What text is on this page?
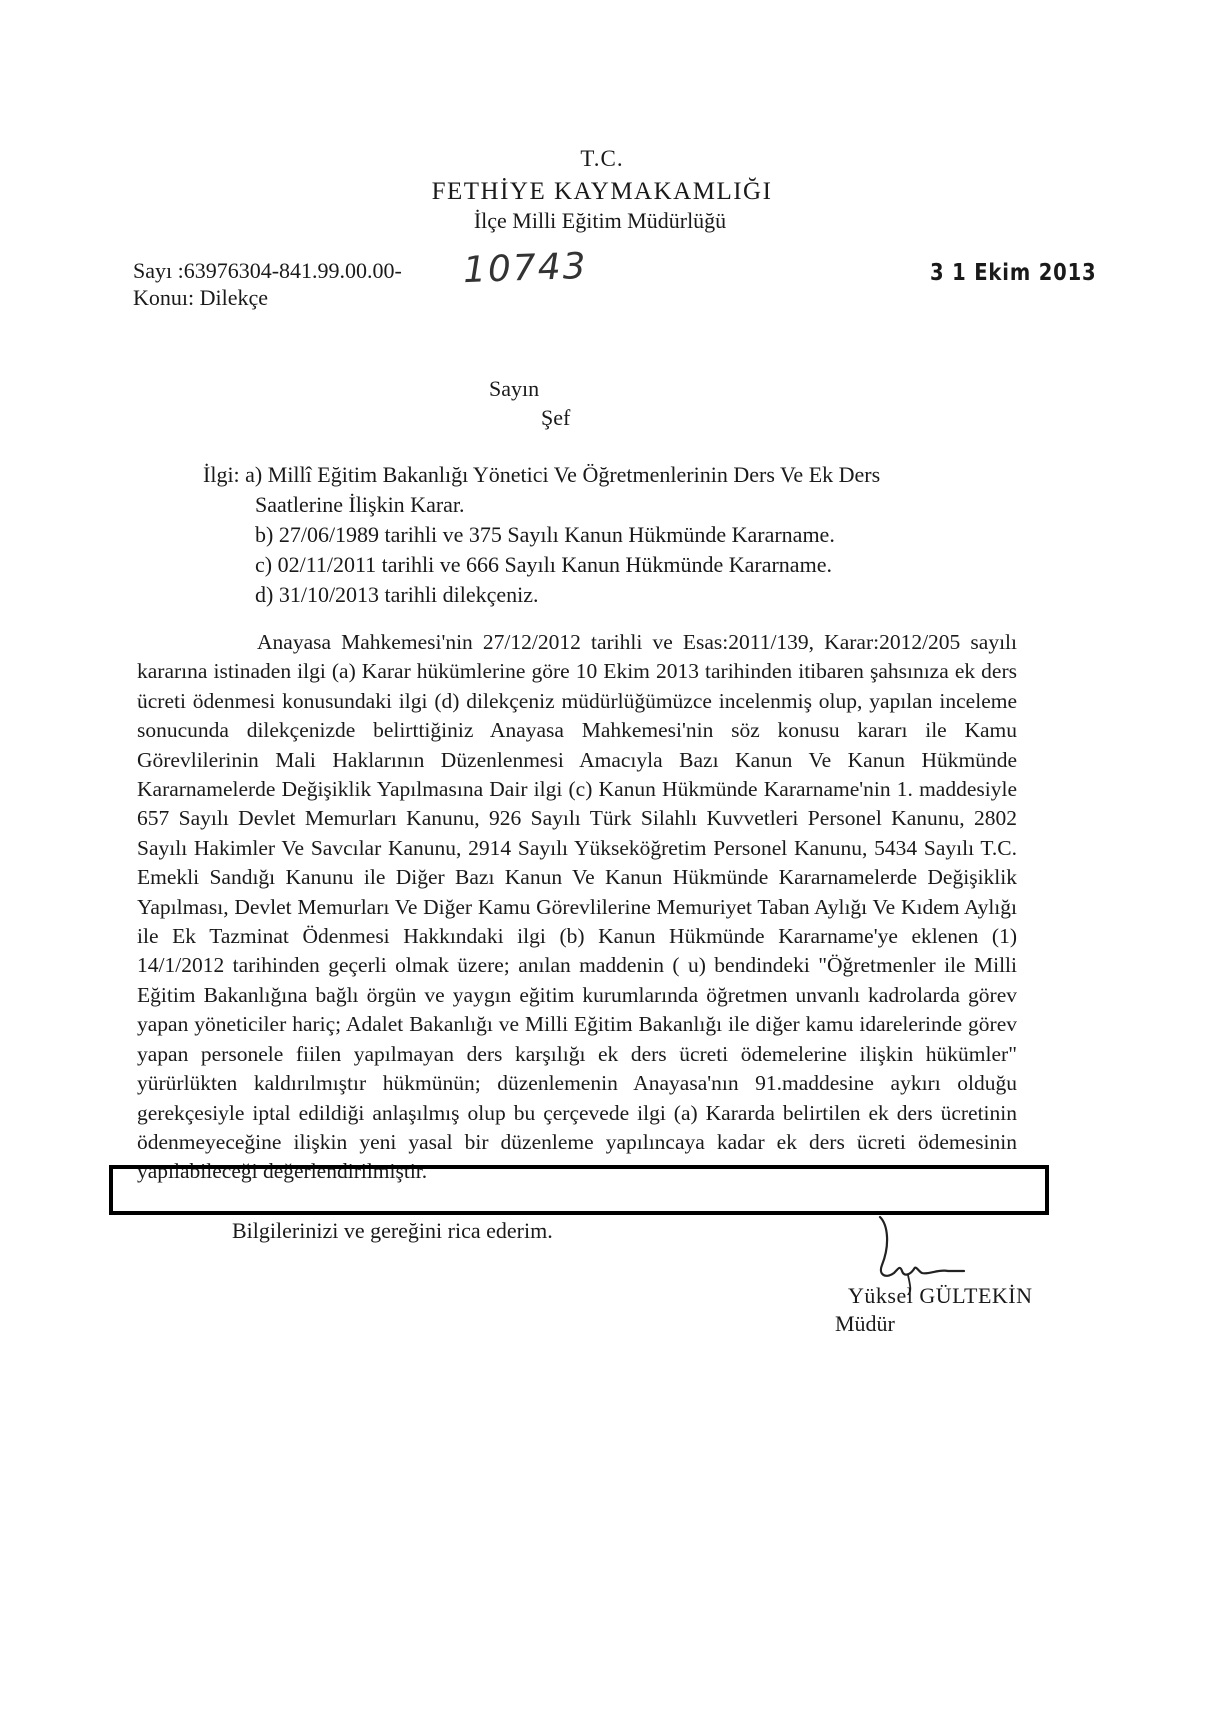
T.C.
FETHİYE KAYMAKAMLIĞI
İlçe Milli Eğitim Müdürlüğü
Sayı :63976304-841.99.00.00- 10743
Konuı: Dilekçe
3 1 Ekim 2013
Sayın
Şef
İlgi: a) Millî Eğitim Bakanlığı Yönetici Ve Öğretmenlerinin Ders Ve Ek Ders
Saatlerine İlişkin Karar.
b) 27/06/1989 tarihli ve 375 Sayılı Kanun Hükmünde Kararname.
c) 02/11/2011 tarihli ve 666 Sayılı Kanun Hükmünde Kararname.
d) 31/10/2013 tarihli dilekçeniz.
Anayasa Mahkemesi'nin 27/12/2012 tarihli ve Esas:2011/139, Karar:2012/205 sayılı kararına istinaden ilgi (a) Karar hükümlerine göre 10 Ekim 2013 tarihinden itibaren şahsınıza ek ders ücreti ödenmesi konusundaki ilgi (d) dilekçeniz müdürlüğümüzce incelenmiş olup, yapılan inceleme sonucunda dilekçenizde belirttiğiniz Anayasa Mahkemesi'nin söz konusu kararı ile Kamu Görevlilerinin Mali Haklarının Düzenlenmesi Amacıyla Bazı Kanun Ve Kanun Hükmünde Kararnamelerde Değişiklik Yapılmasına Dair ilgi (c) Kanun Hükmünde Kararname'nin 1. maddesiyle 657 Sayılı Devlet Memurları Kanunu, 926 Sayılı Türk Silahlı Kuvvetleri Personel Kanunu, 2802 Sayılı Hakimler Ve Savcılar Kanunu, 2914 Sayılı Yükseköğretim Personel Kanunu, 5434 Sayılı T.C. Emekli Sandığı Kanunu ile Diğer Bazı Kanun Ve Kanun Hükmünde Kararnamelerde Değişiklik Yapılması, Devlet Memurları Ve Diğer Kamu Görevlilerine Memuriyet Taban Aylığı Ve Kıdem Aylığı ile Ek Tazminat Ödenmesi Hakkındaki ilgi (b) Kanun Hükmünde Kararname'ye eklenen (1) 14/1/2012 tarihinden geçerli olmak üzere; anılan maddenin ( u) bendindeki "Öğretmenler ile Milli Eğitim Bakanlığına bağlı örgün ve yaygın eğitim kurumlarında öğretmen unvanlı kadrolarda görev yapan yöneticiler hariç; Adalet Bakanlığı ve Milli Eğitim Bakanlığı ile diğer kamu idarelerinde görev yapan personele fiilen yapılmayan ders karşılığı ek ders ücreti ödemelerine ilişkin hükümler" yürürlükten kaldırılmıştır hükmünün; düzenlemenin Anayasa'nın 91.maddesine aykırı olduğu gerekçesiyle iptal edildiği anlaşılmış olup bu çerçevede ilgi (a) Kararda belirtilen ek ders ücretinin ödenmeyeceğine ilişkin yeni yasal bir düzenleme yapılıncaya kadar ek ders ücreti ödemesinin yapılabileceği değerlendirilmiştir.
Bilgilerinizi ve gereğini rica ederim.
Yüksel GÜLTEKİN
Müdür
